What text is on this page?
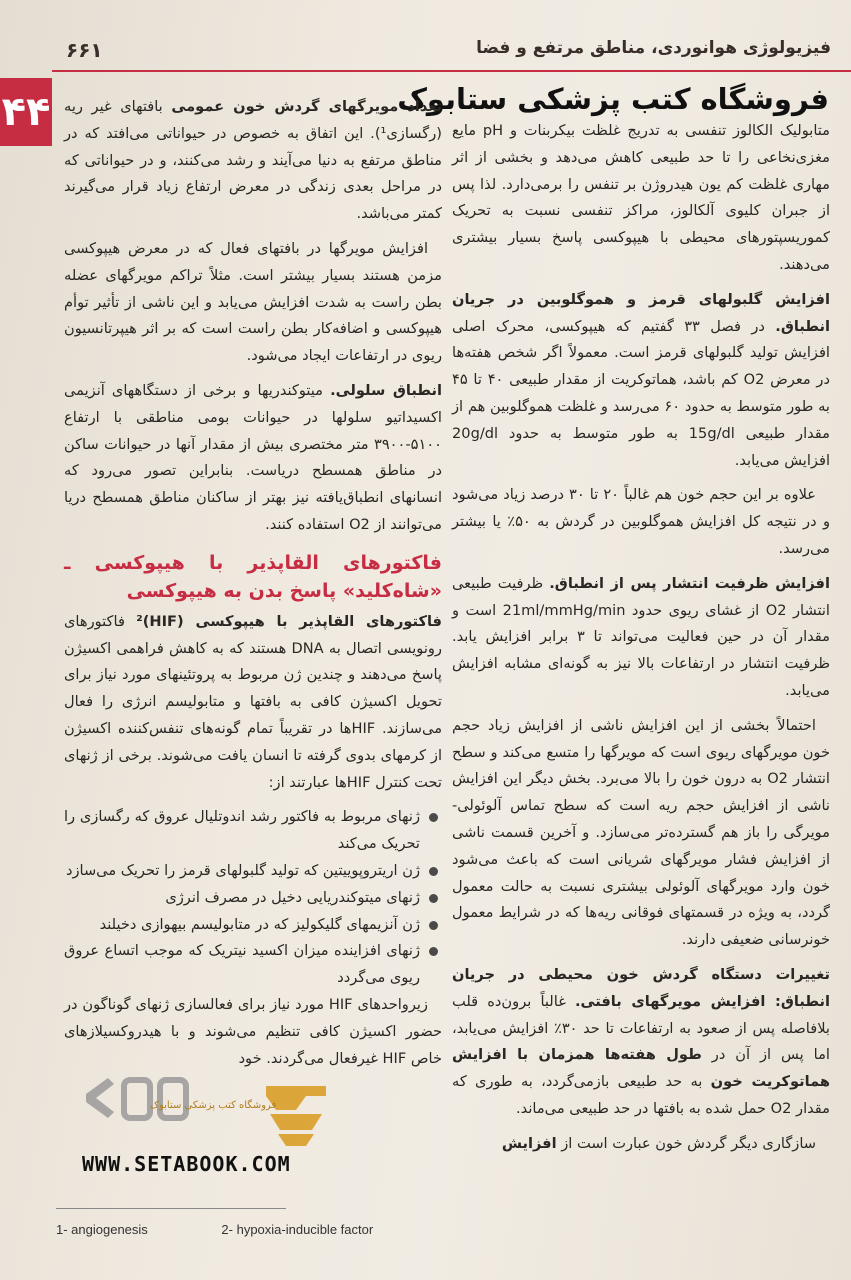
۶۶۱	فیزیولوژی هوانوردی، مناطق مرتفع و فضا
۴۴	فروشگاه کتب پزشکی ستابوک

متابولیک الکالوز تنفسی به تدریج غلظت بیکربنات و pH مایع مغزی‌نخاعی را تا حد طبیعی کاهش می‌دهد و بخشی از اثر مهاری غلظت کم یون هیدروژن بر تنفس را برمی‌دارد. لذا پس از جبران کلیوی آلکالوز، مراکز تنفسی نسبت به تحریک کموریسپتورهای محیطی با هیپوکسی پاسخ بسیار بیشتری می‌دهند.

افزایش گلبولهای قرمز و هموگلوبین در جریان انطباق. در فصل ۳۳ گفتیم که هیپوکسی، محرک اصلی افزایش تولید گلبولهای قرمز است. معمولاً اگر شخص هفته‌ها در معرض O2 کم باشد، هماتوکریت از مقدار طبیعی ۴۰ تا ۴۵ به طور متوسط به حدود ۶۰ می‌رسد و غلظت هموگلوبین هم از مقدار طبیعی 15g/dl به طور متوسط به حدود 20g/dl افزایش می‌یابد.

علاوه بر این حجم خون هم غالباً ۲۰ تا ۳۰ درصد زیاد می‌شود و در نتیجه کل افزایش هموگلوبین در گردش به ۵۰٪ یا بیشتر می‌رسد.

افزایش ظرفیت انتشار پس از انطباق. ظرفیت طبیعی انتشار O2 از غشای ریوی حدود 21ml/mmHg/min است و مقدار آن در حین فعالیت می‌تواند تا ۳ برابر افزایش یابد. ظرفیت انتشار در ارتفاعات بالا نیز به گونه‌ای مشابه افزایش می‌یابد.

احتمالاً بخشی از این افزایش ناشی از افزایش زیاد حجم خون مویرگهای ریوی است که مویرگها را متسع می‌کند و سطح انتشار O2 به درون خون را بالا می‌برد. بخش دیگر این افزایش ناشی از افزایش حجم ریه است که سطح تماس آلوئولی-مویرگی را باز هم گسترده‌تر می‌سازد. و آخرین قسمت ناشی از افزایش فشار مویرگهای شریانی است که باعث می‌شود خون وارد مویرگهای آلوئولی بیشتری نسبت به حالت معمول گردد، به ویژه در قسمتهای فوقانی ریه‌ها که در شرایط معمول خونرسانی ضعیفی دارند.

تغییرات دستگاه گردش خون محیطی در جریان انطباق: افزایش مویرگهای بافتی. غالباً برون‌ده قلب بلافاصله پس از صعود به ارتفاعات تا حد ۳۰٪ افزایش می‌یابد، اما پس از آن در طول هفته‌ها همزمان با افزایش هماتوکریت خون به حد طبیعی بازمی‌گردد، به طوری که مقدار O2 حمل شده به بافتها در حد طبیعی می‌ماند.

سازگاری دیگر گردش خون عبارت است از افزایش

تعداد مویرگهای گردش خون عمومی بافتهای غیر ریه (رگسازی¹). این اتفاق به خصوص در حیواناتی می‌افتد که در مناطق مرتفع به دنیا می‌آیند و رشد می‌کنند، و در حیواناتی که در مراحل بعدی زندگی در معرض ارتفاع زیاد قرار می‌گیرند کمتر می‌باشد.

افزایش مویرگها در بافتهای فعال که در معرض هیپوکسی مزمن هستند بسیار بیشتر است. مثلاً تراکم مویرگهای عضله بطن راست به شدت افزایش می‌یابد و این ناشی از تأثیر توأم هیپوکسی و اضافه‌کار بطن راست است که بر اثر هیپرتانسیون ریوی در ارتفاعات ایجاد می‌شود.

انطباق سلولی. میتوکندریها و برخی از دستگاههای آنزیمی اکسیداتیو سلولها در حیوانات بومی مناطقی با ارتفاع ۵۱۰۰-۳۹۰۰ متر مختصری بیش از مقدار آنها در حیوانات ساکن در مناطق همسطح دریاست. بنابراین تصور می‌رود که انسانهای انطباق‌یافته نیز بهتر از ساکنان مناطق همسطح دریا می‌توانند از O2 استفاده کنند.

فاکتورهای القاپذیر با هیپوکسی ـ «شاه‌کلید» پاسخ بدن به هیپوکسی

فاکتورهای القاپذیر با هیپوکسی (HIF)² فاکتورهای رونویسی اتصال به DNA هستند که به کاهش فراهمی اکسیژن پاسخ می‌دهند و چندین ژن مربوط به پروتئینهای مورد نیاز برای تحویل اکسیژن کافی به بافتها و متابولیسم انرژی را فعال می‌سازند. HIFها در تقریباً تمام گونه‌های تنفس‌کننده اکسیژن از کرمهای بدوی گرفته تا انسان یافت می‌شوند. برخی از ژنهای تحت کنترل HIFها عبارتند از:

ژنهای مربوط به فاکتور رشد اندوتلیال عروق که رگسازی را تحریک می‌کند
ژن اریتروپوییتین که تولید گلبولهای قرمز را تحریک می‌سازد
ژنهای میتوکندریایی دخیل در مصرف انرژی
ژن آنزیمهای گلیکولیز که در متابولیسم بیهوازی دخیلند
ژنهای افزاینده میزان اکسید نیتریک که موجب اتساع عروق ریوی می‌گردد

زیرواحدهای HIF مورد نیاز برای فعالسازی ژنهای گوناگون در حضور اکسیژن کافی تنظیم می‌شوند و با هیدروکسیلازهای خاص HIF غیرفعال می‌گردند. خود

فروشگاه کتب پزشکی ستابوک
WWW.SETABOOK.COM
1- angiogenesis	2- hypoxia-inducible factor
